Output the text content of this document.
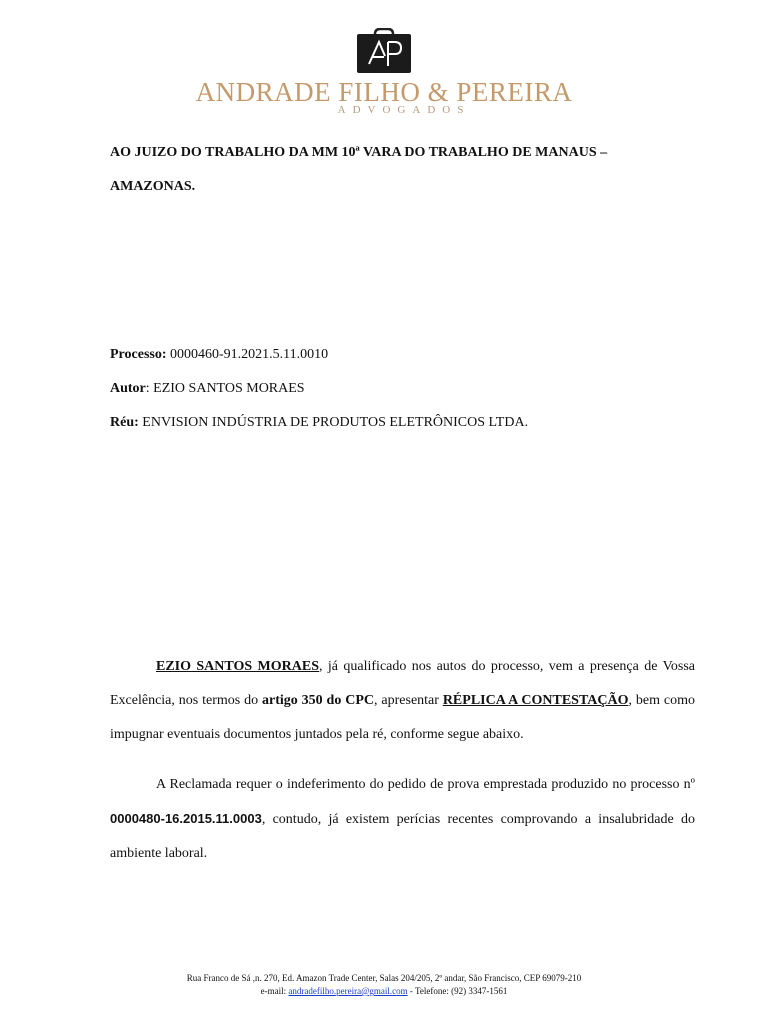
ANDRADE FILHO & PEREIRA
ADVOGADOS
AO JUIZO DO TRABALHO DA MM 10ª VARA DO TRABALHO DE MANAUS –
AMAZONAS.
Processo: 0000460-91.2021.5.11.0010
Autor: EZIO SANTOS MORAES
Réu: ENVISION INDÚSTRIA DE PRODUTOS ELETRÔNICOS LTDA.

EZIO SANTOS MORAES, já qualificado nos autos do processo, vem a presença de Vossa Excelência, nos termos do artigo 350 do CPC, apresentar RÉPLICA A CONTESTAÇÃO, bem como impugnar eventuais documentos juntados pela ré, conforme segue abaixo.

A Reclamada requer o indeferimento do pedido de prova emprestada produzido no processo nº 0000480-16.2015.11.0003, contudo, já existem perícias recentes comprovando a insalubridade do ambiente laboral.

Rua Franco de Sá ,n. 270, Ed. Amazon Trade Center, Salas 204/205, 2º andar, São Francisco, CEP 69079-210
e-mail: andradefilho.pereira@gmail.com - Telefone: (92) 3347-1561
